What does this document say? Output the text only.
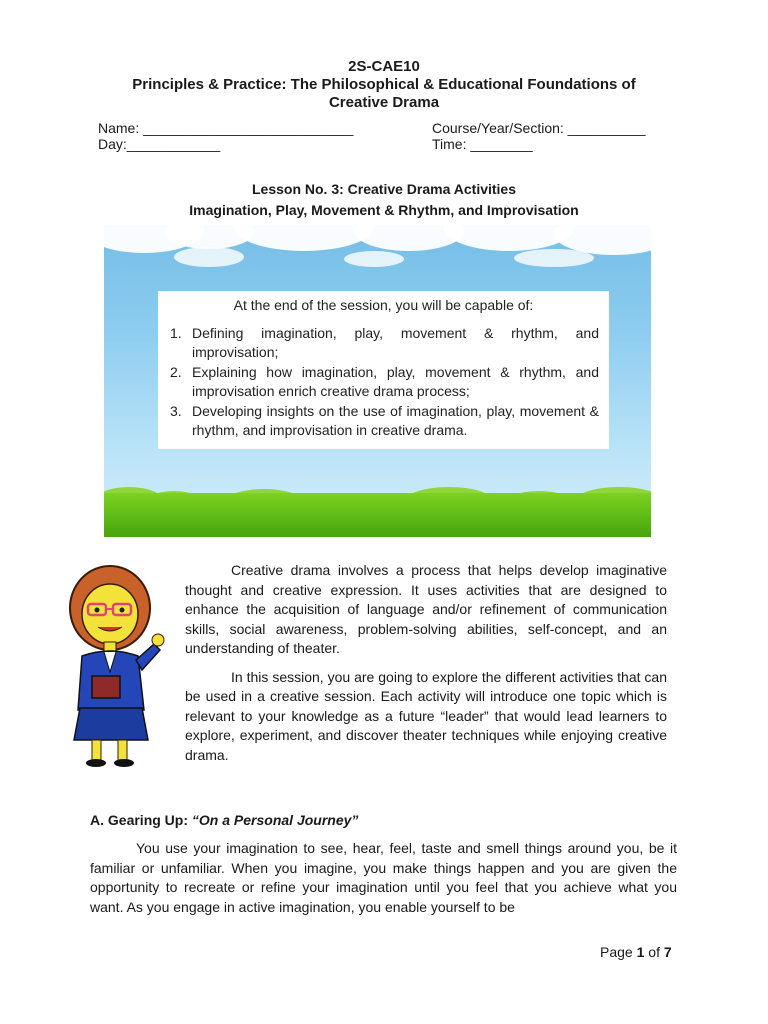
2S-CAE10
Principles & Practice: The Philosophical & Educational Foundations of
Creative Drama
Name: ___________________________	Course/Year/Section: __________
Day:____________	Time: ________
Lesson No. 3: Creative Drama Activities
Imagination, Play, Movement & Rhythm, and Improvisation
At the end of the session, you will be capable of:
1. Defining imagination, play, movement & rhythm, and improvisation;
2. Explaining how imagination, play, movement & rhythm, and improvisation enrich creative drama process;
3. Developing insights on the use of imagination, play, movement & rhythm, and improvisation in creative drama.

Creative drama involves a process that helps develop imaginative thought and creative expression. It uses activities that are designed to enhance the acquisition of language and/or refinement of communication skills, social awareness, problem-solving abilities, self-concept, and an understanding of theater.

In this session, you are going to explore the different activities that can be used in a creative session. Each activity will introduce one topic which is relevant to your knowledge as a future “leader” that would lead learners to explore, experiment, and discover theater techniques while enjoying creative drama.

A. Gearing Up: “On a Personal Journey”

You use your imagination to see, hear, feel, taste and smell things around you, be it familiar or unfamiliar. When you imagine, you make things happen and you are given the opportunity to recreate or refine your imagination until you feel that you achieve what you want. As you engage in active imagination, you enable yourself to be

Page 1 of 7
